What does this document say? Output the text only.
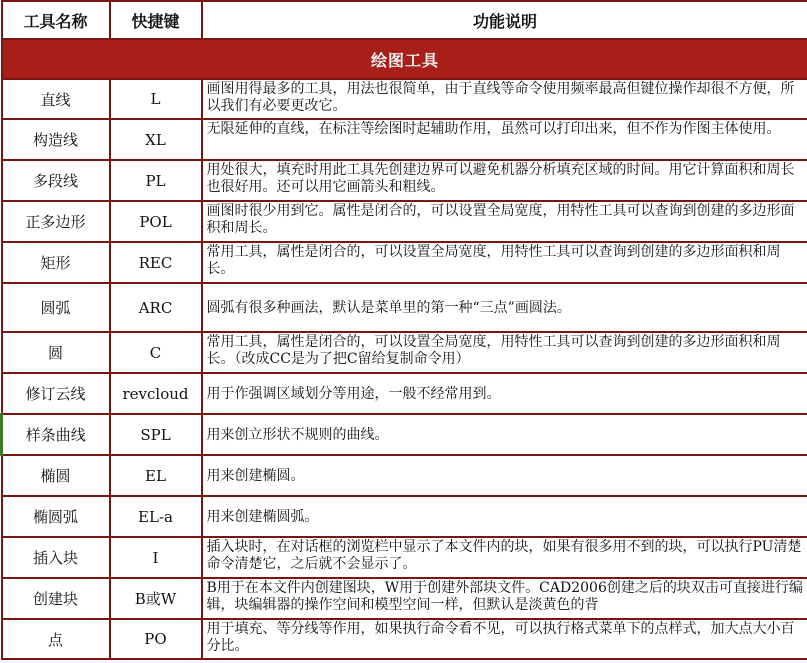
工具名称	快捷键	功能说明
绘图工具		
直线	L	画图用得最多的工具，用法也很简单，由于直线等命令使用频率最高但键位操作却很不方便，所以我们有必要更改它。
构造线	XL	无限延伸的直线，在标注等绘图时起辅助作用，虽然可以打印出来，但不作为作图主体使用。
多段线	PL	用处很大，填充时用此工具先创建边界可以避免机器分析填充区域的时间。用它计算面积和周长也很好用。还可以用它画箭头和粗线。
正多边形	POL	画图时很少用到它。属性是闭合的，可以设置全局宽度，用特性工具可以查询到创建的多边形面积和周长。
矩形	REC	常用工具，属性是闭合的，可以设置全局宽度，用特性工具可以查询到创建的多边形面积和周长。
圆弧	ARC	圆弧有很多种画法，默认是菜单里的第一种“三点”画圆法。
圆	C	常用工具，属性是闭合的，可以设置全局宽度，用特性工具可以查询到创建的多边形面积和周长。（改成CC是为了把C留给复制命令用）
修订云线	revcloud	用于作强调区域划分等用途，一般不经常用到。
样条曲线	SPL	用来创立形状不规则的曲线。
椭圆	EL	用来创建椭圆。
椭圆弧	EL-a	用来创建椭圆弧。
插入块	I	插入块时，在对话框的浏览栏中显示了本文件内的块，如果有很多用不到的块，可以执行PU清楚命令清楚它，之后就不会显示了。
创建块	B或W	B用于在本文件内创建图块，W用于创建外部块文件。CAD2006创建之后的块双击可直接进行编辑，块编辑器的操作空间和模型空间一样，但默认是淡黄色的背
点	PO	用于填充、等分线等作用，如果执行命令看不见，可以执行格式菜单下的点样式，加大点大小百分比。
